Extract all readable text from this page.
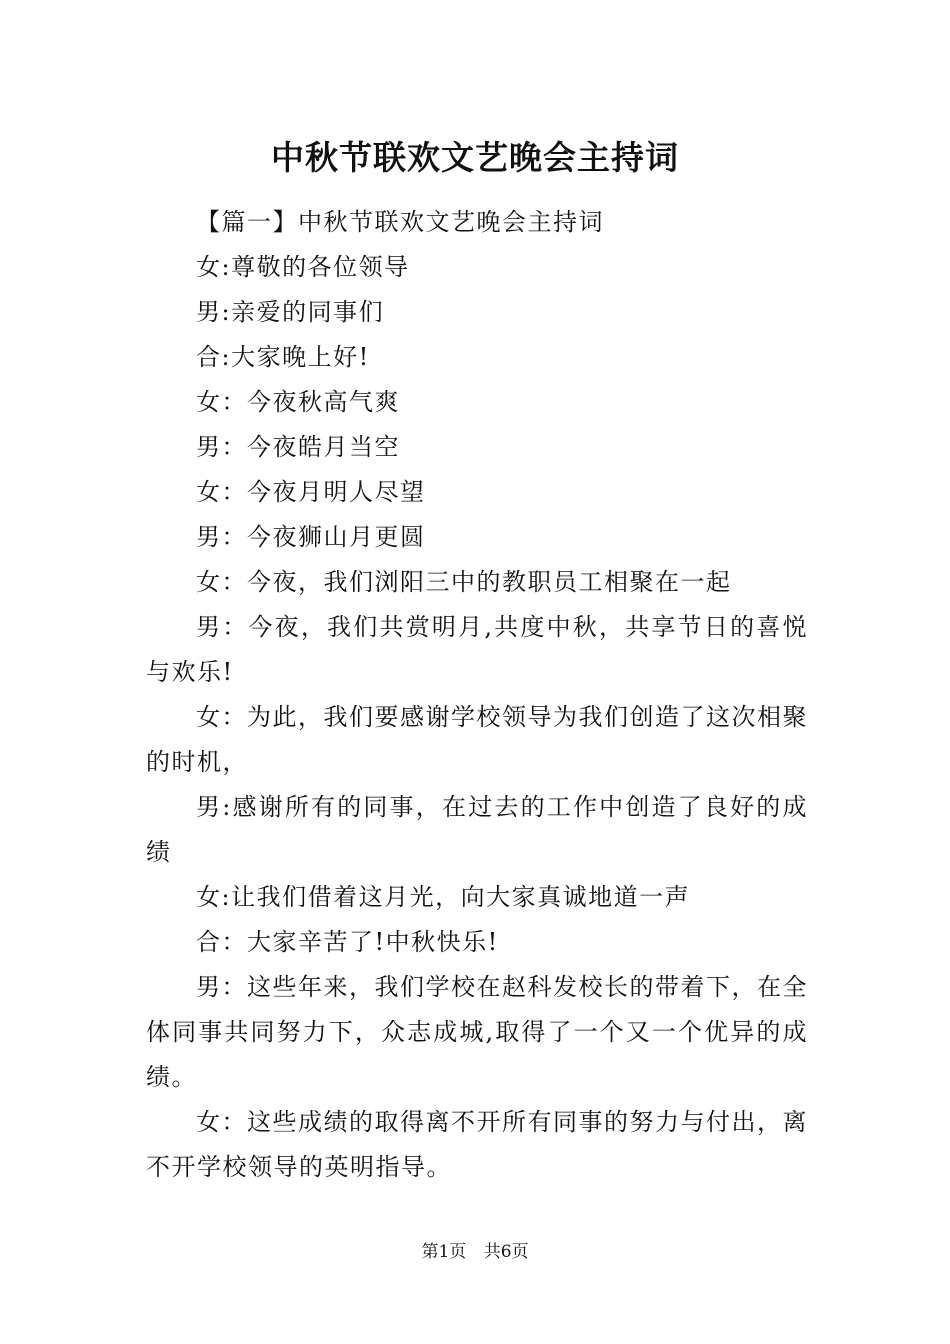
中秋节联欢文艺晚会主持词

【篇一】中秋节联欢文艺晚会主持词

女:尊敬的各位领导

男:亲爱的同事们

合:大家晚上好!

女：今夜秋高气爽

男：今夜皓月当空

女：今夜月明人尽望

男：今夜狮山月更圆

女：今夜，我们浏阳三中的教职员工相聚在一起

男：今夜，我们共赏明月,共度中秋，共享节日的喜悦与欢乐!

女：为此，我们要感谢学校领导为我们创造了这次相聚的时机，

男:感谢所有的同事，在过去的工作中创造了良好的成绩

女:让我们借着这月光，向大家真诚地道一声

合：大家辛苦了!中秋快乐!

男：这些年来，我们学校在赵科发校长的带着下，在全体同事共同努力下，众志成城,取得了一个又一个优异的成绩。

女：这些成绩的取得离不开所有同事的努力与付出，离不开学校领导的英明指导。

第1页 共6页
